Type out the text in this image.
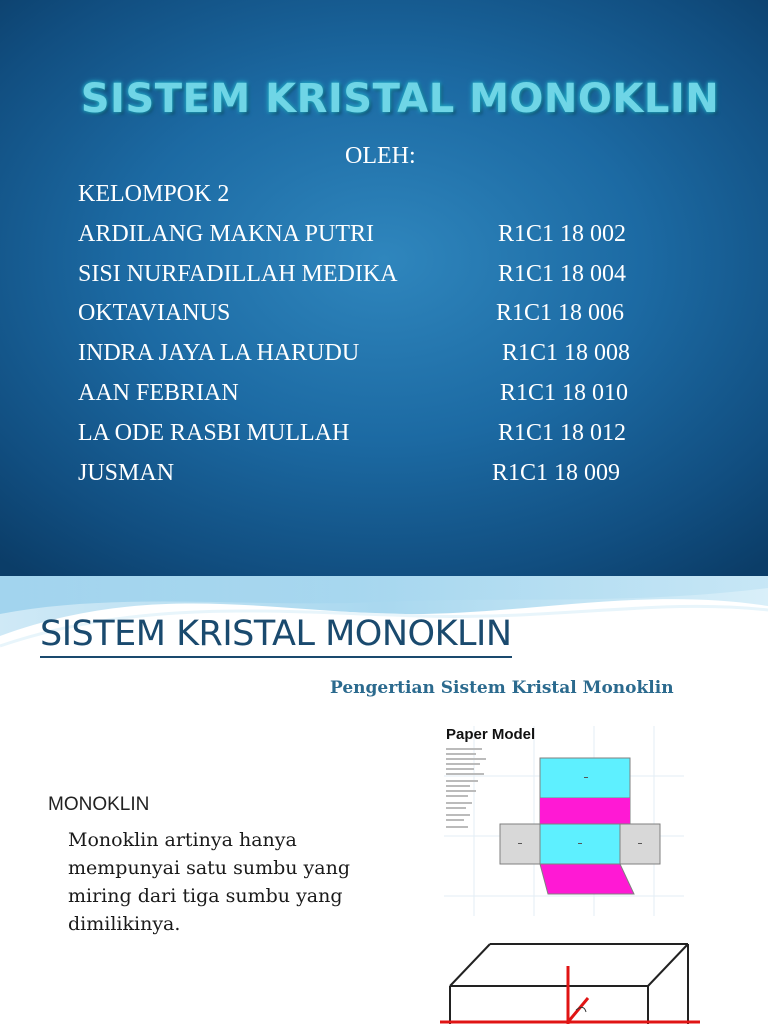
SISTEM KRISTAL MONOKLIN
OLEH:
KELOMPOK 2
ARDILANG MAKNA PUTRI	R1C1 18 002
SISI NURFADILLAH MEDIKA	R1C1 18 004
OKTAVIANUS	R1C1 18 006
INDRA JAYA LA HARUDU	R1C1 18 008
AAN FEBRIAN	R1C1 18 010
LA ODE RASBI MULLAH	R1C1 18 012
JUSMAN	R1C1 18 009
SISTEM KRISTAL MONOKLIN
Pengertian Sistem Kristal Monoklin
MONOKLIN
Monoklin artinya hanya mempunyai satu sumbu yang miring dari tiga sumbu yang dimilikinya.
Paper Model
